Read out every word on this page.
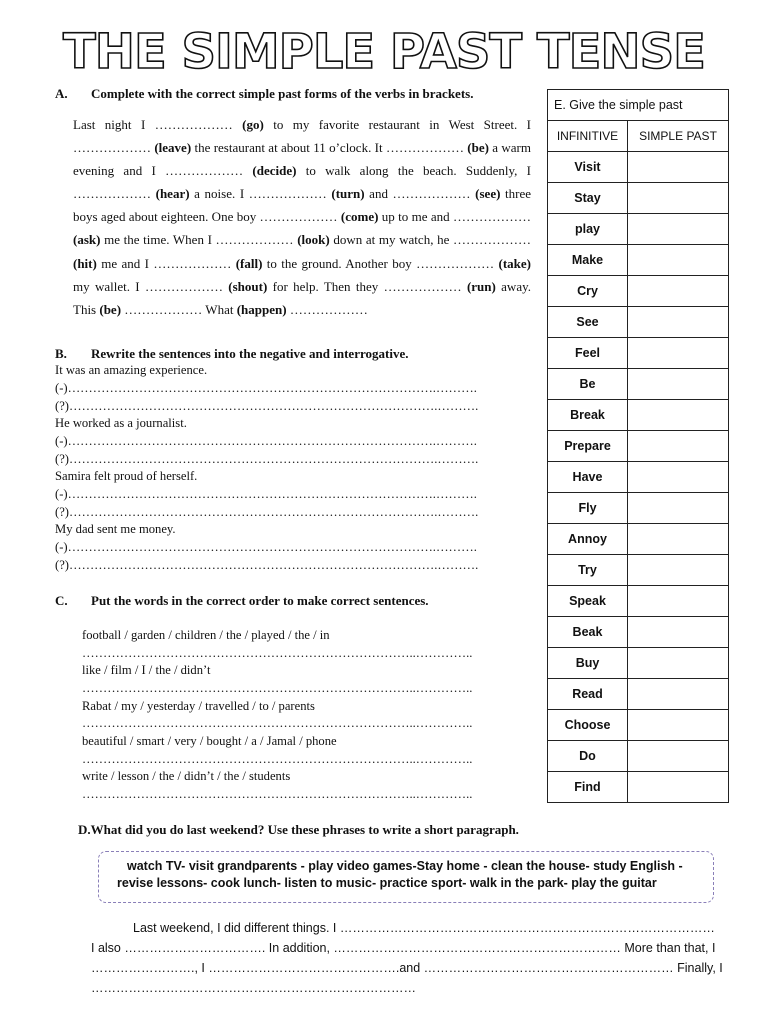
THE SIMPLE PAST TENSE
A. Complete with the correct simple past forms of the verbs in brackets.
Last night I ……………… (go) to my favorite restaurant in West Street. I ……………… (leave) the restaurant at about 11 o’clock. It ……………… (be) a warm evening and I ……………… (decide) to walk along the beach. Suddenly, I ……………… (hear) a noise. I ……………… (turn) and ……………… (see) three boys aged about eighteen. One boy ……………… (come) up to me and ……………… (ask) me the time. When I ……………… (look) down at my watch, he ……………… (hit) me and I ……………… (fall) to the ground. Another boy ……………… (take) my wallet. I ……………… (shout) for help. Then they ……………… (run) away. This (be) ……………… What (happen) ………………
B. Rewrite the sentences into the negative and interrogative.
It was an amazing experience.
(-)…………………………………………………………………………….……….
(?)…………………………………………………………………………….……….
He worked as a journalist.
(-)…………………………………………………………………………….……….
(?)…………………………………………………………………………….……….
Samira felt proud of herself.
(-)…………………………………………………………………………….……….
(?)…………………………………………………………………………….……….
My dad sent me money.
(-)…………………………………………………………………………….……….
(?)…………………………………………………………………………….……….
C. Put the words in the correct order to make correct sentences.
football / garden / children / the / played / the / in
……………………………………………………………………..…………..
like / film / I / the / didn’t
……………………………………………………………………..…………..
Rabat / my / yesterday / travelled / to / parents
……………………………………………………………………..…………..
beautiful / smart / very / bought / a / Jamal / phone
……………………………………………………………………..…………..
write / lesson / the / didn’t / the / students
……………………………………………………………………..…………..
E. Give the simple past	
INFINITIVE	SIMPLE PAST
Visit	
Stay	
play	
Make	
Cry	
See	
Feel	
Be	
Break	
Prepare	
Have	
Fly	
Annoy	
Try	
Speak	
Beak	
Buy	
Read	
Choose	
Do	
Find	
D.What did you do last weekend? Use these phrases to write a short paragraph.
watch TV- visit grandparents - play video games-Stay home - clean the house- study English -
revise lessons- cook lunch- listen to music- practice sport- walk in the park- play the guitar
Last weekend, I did different things. I ………………………………………………………………………………
I also ……………………………. In addition, …………………………………………………………… More than that, I
……………………., I ……………………………………….and …………………………………………………… Finally, I
……………………………………………………………………
